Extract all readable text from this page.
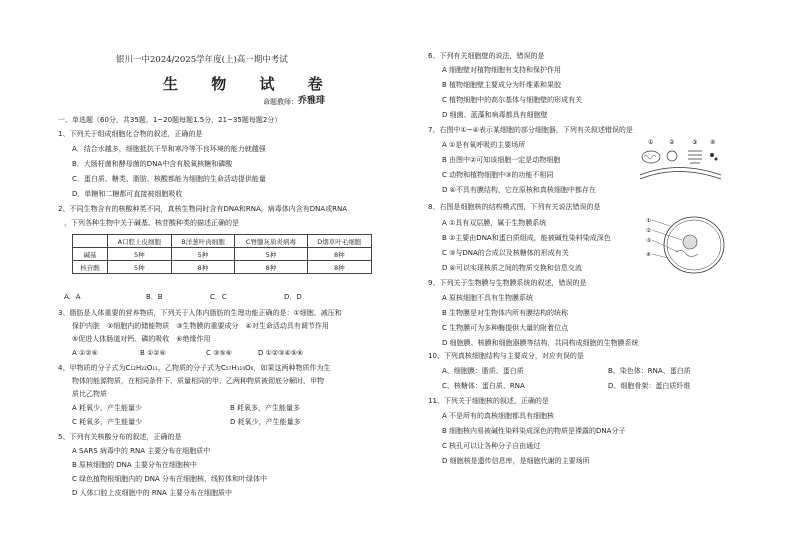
银川一中2024/2025学年度(上)高一期中考试
生 物 试 卷
命题教师： 乔雅琲
一、单选题（60分，共35题，1~20题每题1.5分，21~35题每题2分）
1、下列关于组成细胞化合物的叙述，正确的是
A．结合水越多，细胞抵抗干旱和寒冷等不良环境的能力就越强
B．大肠杆菌和酵母菌的DNA中含有脱氧核糖和磷酸
C．蛋白质、糖类、脂肪、核酸都能为细胞的生命活动提供能量
D．单糖和二糖都可直接被细胞吸收
2、不同生物含有的核酸种类不同，真核生物同时含有DNA和RNA，病毒体内含有DNA或RNA
，下列各种生物中关于碱基、核苷酸种类的描述正确的是
	A口腔上皮细胞	B洋葱叶肉细胞	C脊髓灰质炎病毒	D烟草叶毛细胞
碱基	5种	5种	5种	8种
核苷酸	5种	8种	8种	8种
A．A	B．B	C．C	D．D
3、脂肪是人体重要的营养物质，下列关于人体内脂肪的生理功能正确的是：①细胞、减压和
保护内脏　②细胞内的储能物质　③生物膜的重要成分　④对生命活动具有调节作用
⑤促进人体肠道对钙、磷的吸收　⑥绝缘作用
A ①②⑥	B ①②⑥	C ③⑤⑥	D ①②③④⑤⑥
4、甲物质的分子式为C₁₂H₂₂O₁₁，乙物质的分子式为C₅₇H₁₁₀O₆，如果这两种物质作为生
物体的能源物质，在相同条件下，质量相同的甲、乙两种物质被彻底分解时，甲物
质比乙物质
A 耗氧少，产生能量少	B 耗氧多，产生能量多
C 耗氧多，产生能量少	D 耗氧少，产生能量多
5、下列有关核酸分布的叙述，正确的是
A SARS 病毒中的 RNA 主要分布在细胞质中
B 原核细胞的 DNA 主要分布在细胞核中
C 绿色植物根细胞内的 DNA 分布在细胞核、线粒体和叶绿体中
D 人体口腔上皮细胞中的 RNA 主要分布在细胞质中
6、下列有关细胞壁的说法，错误的是
A 细胞壁对植物细胞有支持和保护作用
B 植物细胞壁主要成分为纤维素和果胶
C 植物细胞中的高尔基体与细胞壁的形成有关
D 细菌、蓝藻和病毒都具有细胞壁
7、右图中①~④表示某细胞的部分细胞器，下列有关叙述错误的是
A ①是有氧呼吸的主要场所
B 由图中②可知该细胞一定是动物细胞
C 动物和植物细胞中③的功能不相同
D ④不具有膜结构，它在原核和真核细胞中都存在
①	②	③ ④
8、右图是细胞核的结构模式图，下列有关说法错误的是
A ①具有双层膜，属于生物膜系统
B ②主要由DNA和蛋白质组成，能被碱性染料染成深色
C ③与DNA的合成以及核糖体的形成有关
D ④可以实现核质之间的物质交换和信息交流
①
②
③
④
9、下列关于生物膜与生物膜系统的叙述，错误的是
A 原核细胞不具有生物膜系统
B 生物膜是对生物体内所有膜结构的统称
C 生物膜可为多种酶提供大量的附着位点
D 细胞膜、核膜和细胞器膜等结构，共同构成细胞的生物膜系统
10、下列真核细胞结构与主要成分，对应有误的是
A、细胞膜：脂质、蛋白质	B、染色体：RNA、蛋白质
C、核糖体：蛋白质、RNA	D、细胞骨架：蛋白质纤维
11、下列关于细胞核的叙述，正确的是
A 不是所有的真核细胞都具有细胞核
B 细胞核内易被碱性染料染成深色的物质是裸露的DNA分子
C 核孔可以让各种分子自由通过
D 细胞核是遗传信息库，是细胞代谢的主要场所
